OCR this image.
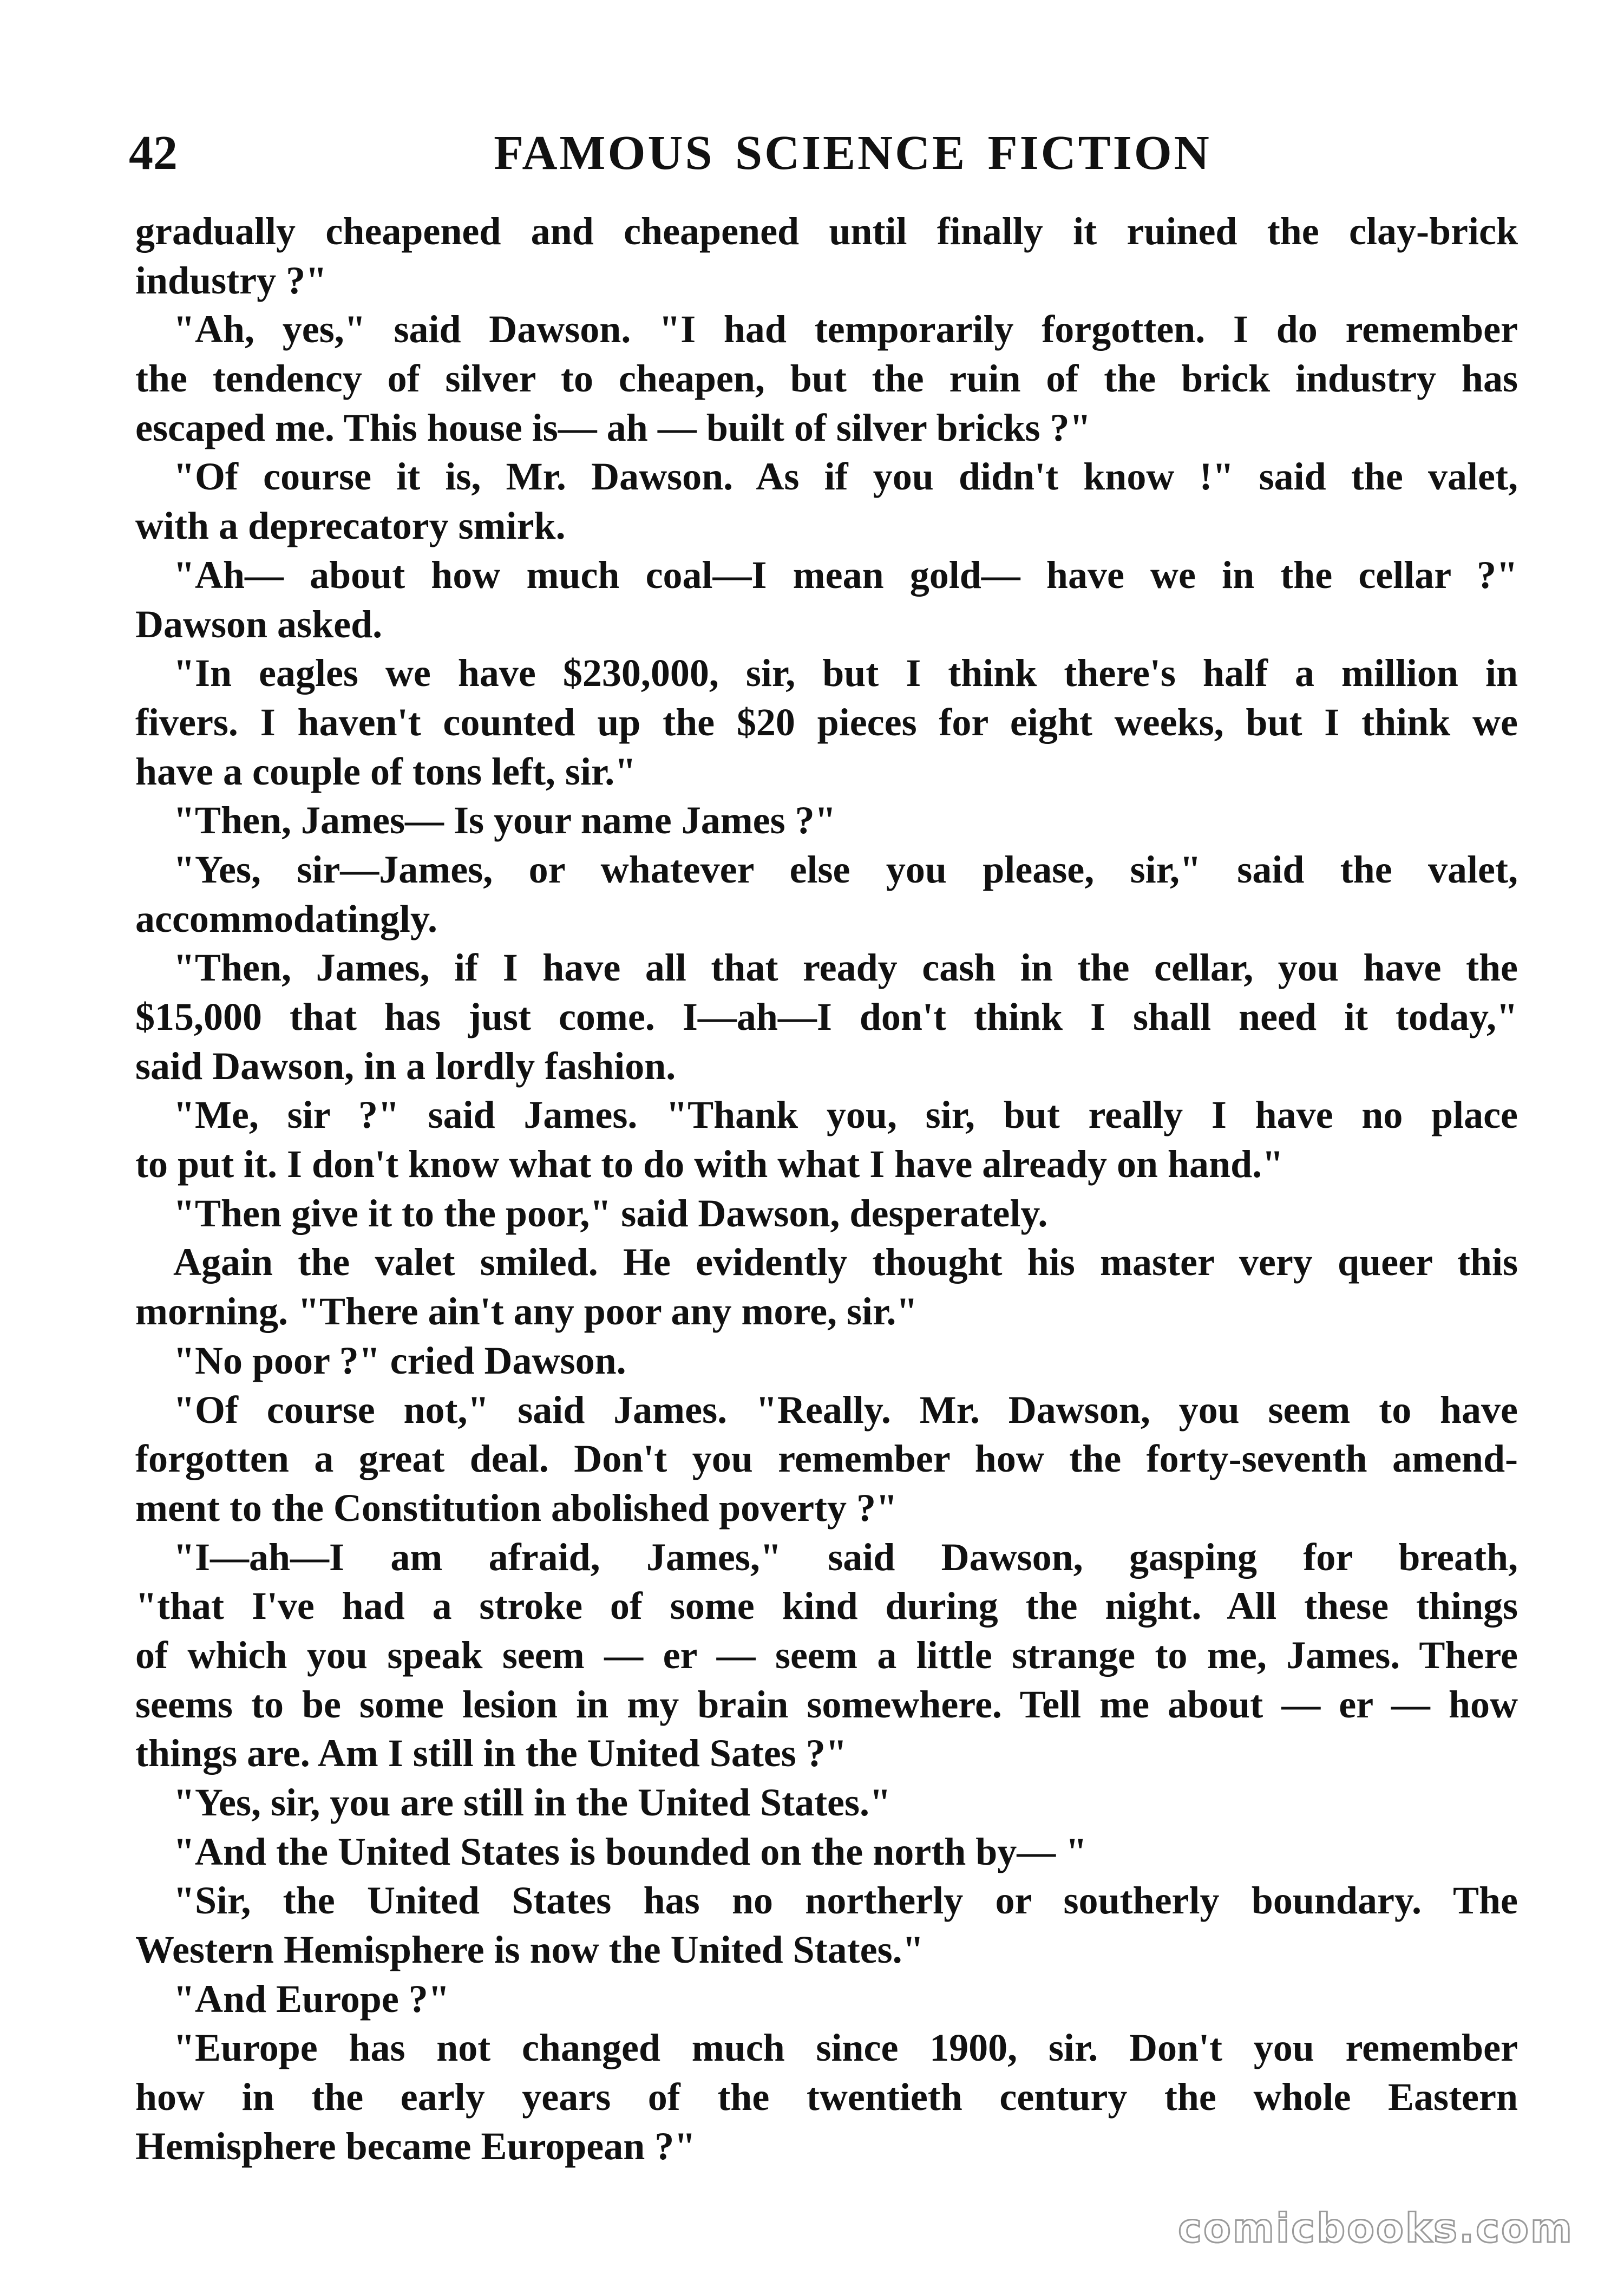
42	FAMOUS SCIENCE FICTION
gradually cheapened and cheapened until finally it ruined the clay-brick
industry ?"
"Ah, yes," said Dawson. "I had temporarily forgotten. I do remember
the tendency of silver to cheapen, but the ruin of the brick industry has
escaped me. This house is— ah — built of silver bricks ?"
"Of course it is, Mr. Dawson. As if you didn't know !" said the valet,
with a deprecatory smirk.
"Ah— about how much coal—I mean gold— have we in the cellar ?"
Dawson asked.
"In eagles we have $230,000, sir, but I think there's half a million in
fivers. I haven't counted up the $20 pieces for eight weeks, but I think we
have a couple of tons left, sir."
"Then, James— Is your name James ?"
"Yes, sir—James, or whatever else you please, sir," said the valet,
accommodatingly.
"Then, James, if I have all that ready cash in the cellar, you have the
$15,000 that has just come. I—ah—I don't think I shall need it today,"
said Dawson, in a lordly fashion.
"Me, sir ?" said James. "Thank you, sir, but really I have no place
to put it. I don't know what to do with what I have already on hand."
"Then give it to the poor," said Dawson, desperately.
Again the valet smiled. He evidently thought his master very queer this
morning. "There ain't any poor any more, sir."
"No poor ?" cried Dawson.
"Of course not," said James. "Really. Mr. Dawson, you seem to have
forgotten a great deal. Don't you remember how the forty-seventh amend-
ment to the Constitution abolished poverty ?"
"I—ah—I am afraid, James," said Dawson, gasping for breath,
"that I've had a stroke of some kind during the night. All these things
of which you speak seem — er — seem a little strange to me, James. There
seems to be some lesion in my brain somewhere. Tell me about — er — how
things are. Am I still in the United Sates ?"
"Yes, sir, you are still in the United States."
"And the United States is bounded on the north by— "
"Sir, the United States has no northerly or southerly boundary. The
Western Hemisphere is now the United States."
"And Europe ?"
"Europe has not changed much since 1900, sir. Don't you remember
how in the early years of the twentieth century the whole Eastern
Hemisphere became European ?"
comicbooks.com
